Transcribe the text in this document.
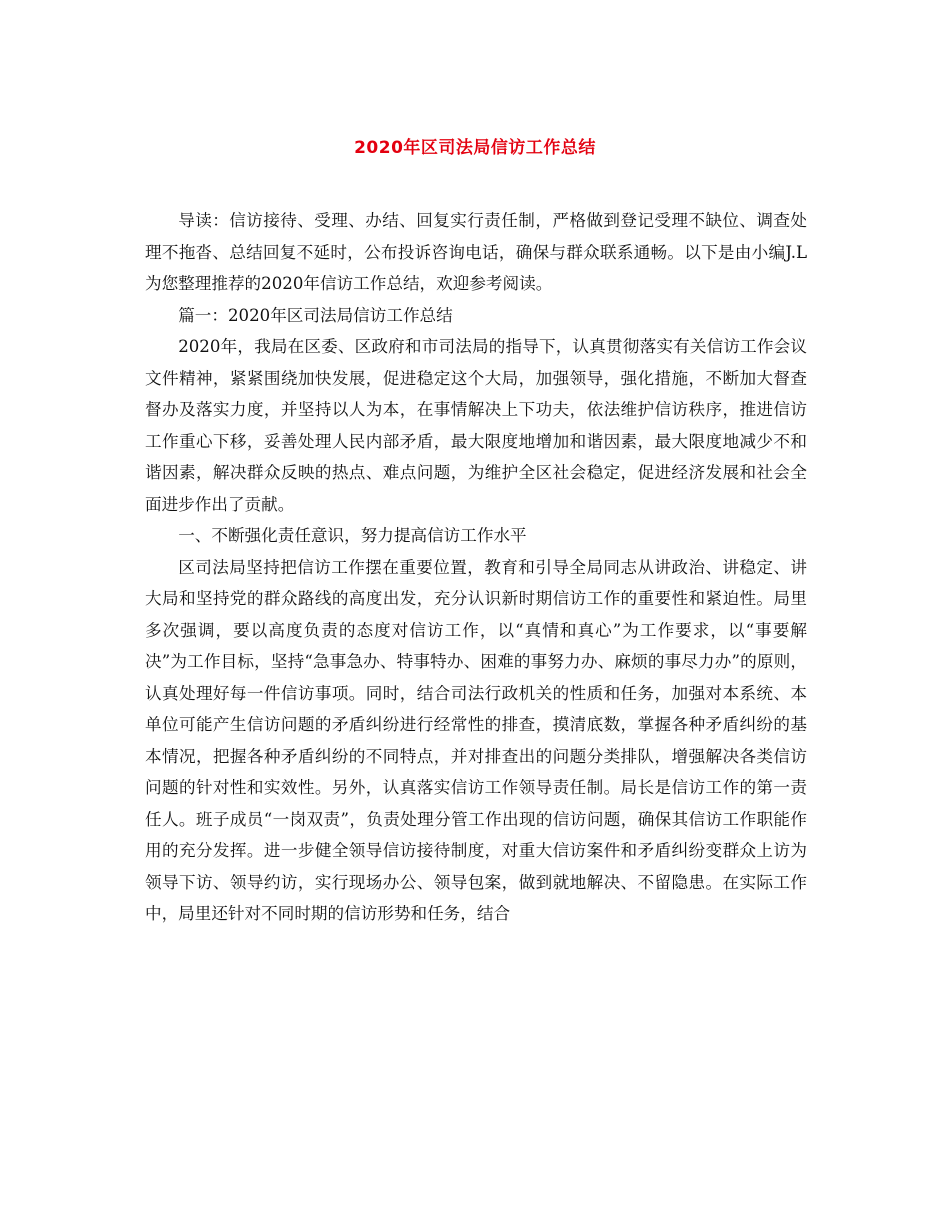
2020年区司法局信访工作总结

导读：信访接待、受理、办结、回复实行责任制，严格做到登记受理不缺位、调查处理不拖沓、总结回复不延时，公布投诉咨询电话，确保与群众联系通畅。以下是由小编J.L为您整理推荐的2020年信访工作总结，欢迎参考阅读。

篇一：2020年区司法局信访工作总结

2020年，我局在区委、区政府和市司法局的指导下，认真贯彻落实有关信访工作会议文件精神，紧紧围绕加快发展，促进稳定这个大局，加强领导，强化措施，不断加大督查督办及落实力度，并坚持以人为本，在事情解决上下功夫，依法维护信访秩序，推进信访工作重心下移，妥善处理人民内部矛盾，最大限度地增加和谐因素，最大限度地减少不和谐因素，解决群众反映的热点、难点问题，为维护全区社会稳定，促进经济发展和社会全面进步作出了贡献。

一、不断强化责任意识，努力提高信访工作水平

区司法局坚持把信访工作摆在重要位置，教育和引导全局同志从讲政治、讲稳定、讲大局和坚持党的群众路线的高度出发，充分认识新时期信访工作的重要性和紧迫性。局里多次强调，要以高度负责的态度对信访工作，以“真情和真心”为工作要求，以“事要解决”为工作目标，坚持“急事急办、特事特办、困难的事努力办、麻烦的事尽力办”的原则，认真处理好每一件信访事项。同时，结合司法行政机关的性质和任务，加强对本系统、本单位可能产生信访问题的矛盾纠纷进行经常性的排查，摸清底数，掌握各种矛盾纠纷的基本情况，把握各种矛盾纠纷的不同特点，并对排查出的问题分类排队，增强解决各类信访问题的针对性和实效性。另外，认真落实信访工作领导责任制。局长是信访工作的第一责任人。班子成员“一岗双责”，负责处理分管工作出现的信访问题，确保其信访工作职能作用的充分发挥。进一步健全领导信访接待制度，对重大信访案件和矛盾纠纷变群众上访为领导下访、领导约访，实行现场办公、领导包案，做到就地解决、不留隐患。在实际工作中，局里还针对不同时期的信访形势和任务，结合
